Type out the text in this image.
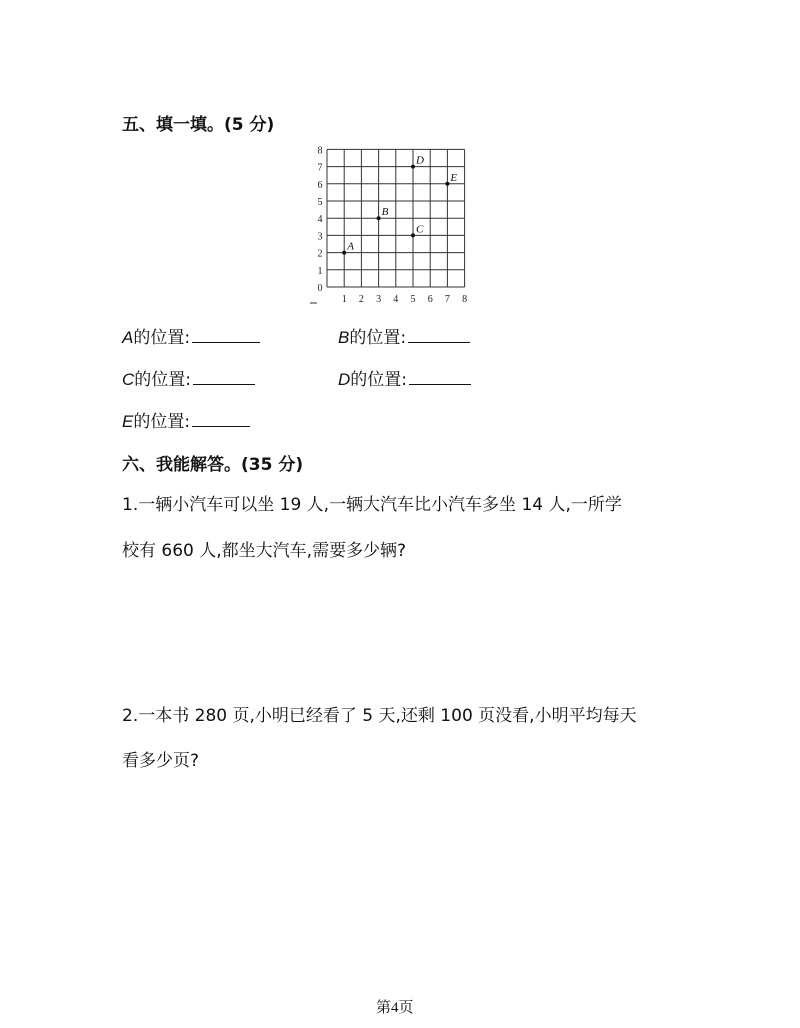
五、填一填。(5 分)
1 2 3 4 5 6 7 8
0
1
2
3
4
5
6
7
8
A
B
C
D
E
A的位置:	B的位置:
C的位置:	D的位置:
E的位置:
六、我能解答。(35 分)
1.一辆小汽车可以坐 19 人,一辆大汽车比小汽车多坐 14 人,一所学
校有 660 人,都坐大汽车,需要多少辆?
2.一本书 280 页,小明已经看了 5 天,还剩 100 页没看,小明平均每天
看多少页?
第4页
